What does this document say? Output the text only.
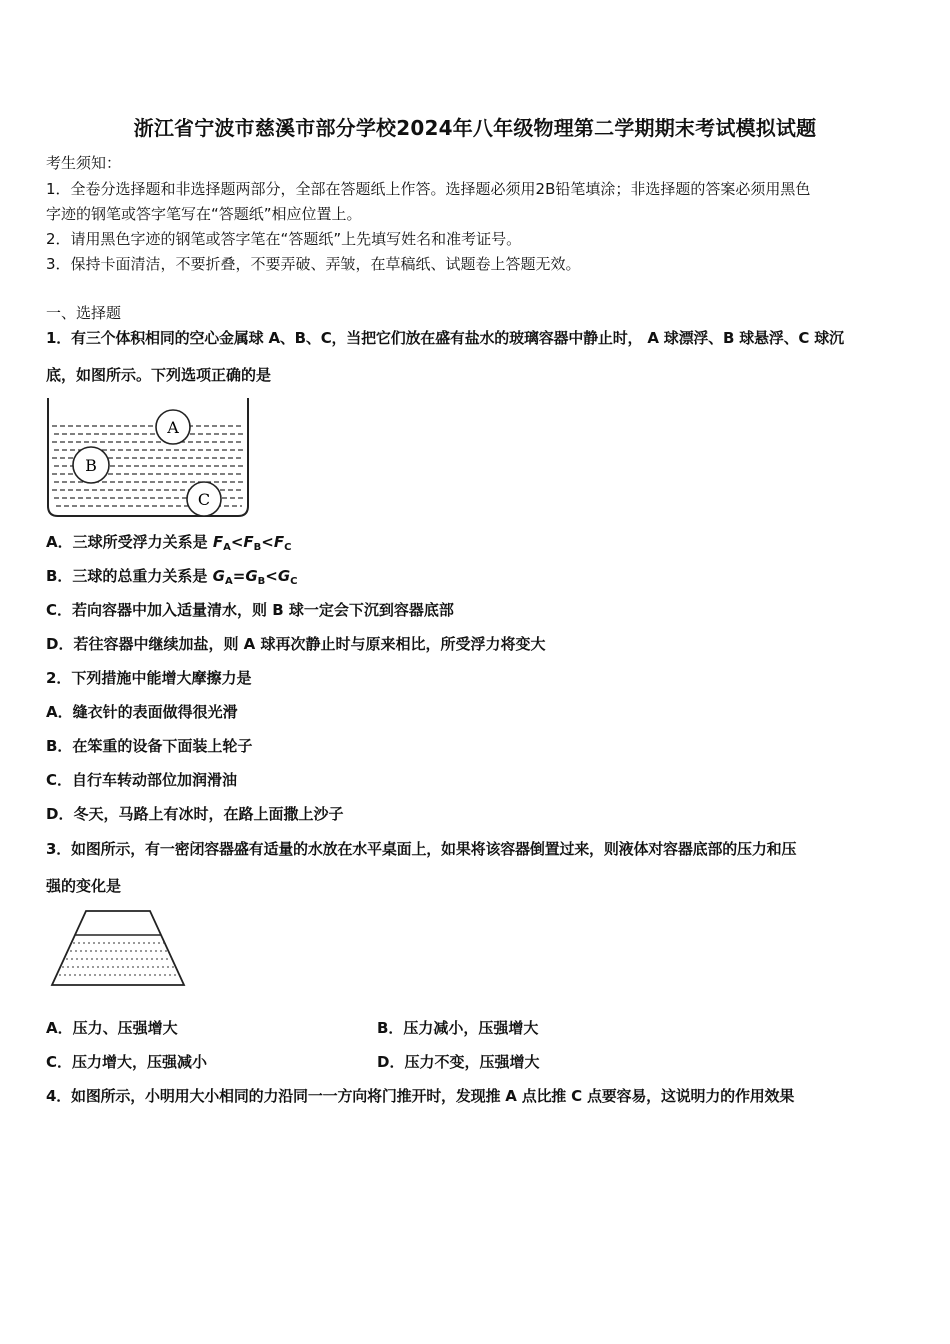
浙江省宁波市慈溪市部分学校2024年八年级物理第二学期期末考试模拟试题
考生须知：
1．全卷分选择题和非选择题两部分，全部在答题纸上作答。选择题必须用2B铅笔填涂；非选择题的答案必须用黑色
字迹的钢笔或答字笔写在“答题纸”相应位置上。
2．请用黑色字迹的钢笔或答字笔在“答题纸”上先填写姓名和准考证号。
3．保持卡面清洁，不要折叠，不要弄破、弄皱，在草稿纸、试题卷上答题无效。
一、选择题
1．有三个体积相同的空心金属球 A、B、C，当把它们放在盛有盐水的玻璃容器中静止时， A 球漂浮、B 球悬浮、C 球沉
底，如图所示。下列选项正确的是
A
B
C
A．三球所受浮力关系是 $F_A<F_B<F_C$
B．三球的总重力关系是 $G_A=G_B<G_C$
C．若向容器中加入适量清水，则 B 球一定会下沉到容器底部
D．若往容器中继续加盐，则 A 球再次静止时与原来相比，所受浮力将变大
2．下列措施中能增大摩擦力是
A．缝衣针的表面做得很光滑
B．在笨重的设备下面装上轮子
C．自行车转动部位加润滑油
D．冬天，马路上有冰时，在路上面撒上沙子
3．如图所示，有一密闭容器盛有适量的水放在水平桌面上，如果将该容器倒置过来，则液体对容器底部的压力和压
强的变化是
A．压力、压强增大	B．压力减小，压强增大
C．压力增大，压强减小	D．压力不变，压强增大
4．如图所示，小明用大小相同的力沿同一一方向将门推开时，发现推 A 点比推 C 点要容易，这说明力的作用效果
